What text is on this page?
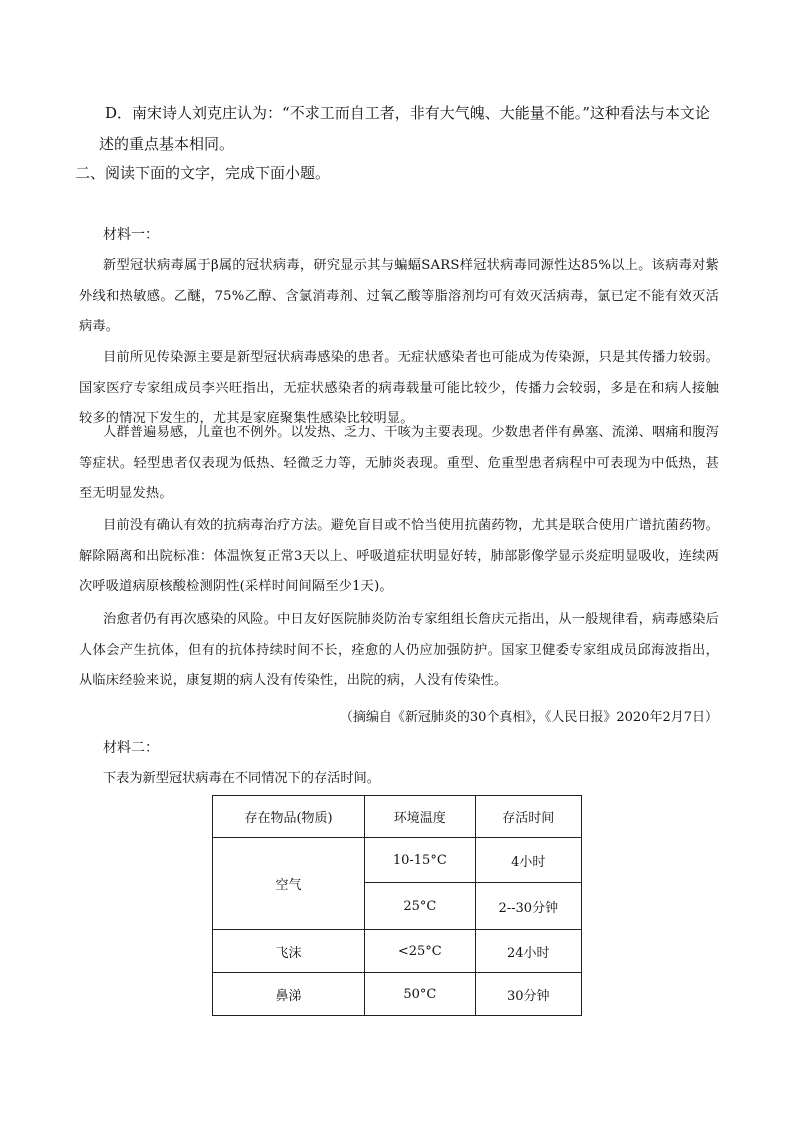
D．南宋诗人刘克庄认为：“不求工而自工者，非有大气魄、大能量不能。”这种看法与本文论述的重点基本相同。
二、阅读下面的文字，完成下面小题。
材料一：
新型冠状病毒属于β属的冠状病毒，研究显示其与蝙蝠SARS样冠状病毒同源性达85%以上。该病毒对紫外线和热敏感。乙醚，75%乙醇、含氯消毒剂、过氧乙酸等脂溶剂均可有效灭活病毒，氯已定不能有效灭活病毒。
目前所见传染源主要是新型冠状病毒感染的患者。无症状感染者也可能成为传染源，只是其传播力较弱。国家医疗专家组成员李兴旺指出，无症状感染者的病毒载量可能比较少，传播力会较弱，多是在和病人接触较多的情况下发生的，尤其是家庭聚集性感染比较明显。
人群普遍易感，儿童也不例外。以发热、乏力、干咳为主要表现。少数患者伴有鼻塞、流涕、咽痛和腹泻等症状。轻型患者仅表现为低热、轻微乏力等，无肺炎表现。重型、危重型患者病程中可表现为中低热，甚至无明显发热。
目前没有确认有效的抗病毒治疗方法。避免盲目或不恰当使用抗菌药物，尤其是联合使用广谱抗菌药物。解除隔离和出院标准：体温恢复正常3天以上、呼吸道症状明显好转，肺部影像学显示炎症明显吸收，连续两次呼吸道病原核酸检测阴性(采样时间间隔至少1天)。
治愈者仍有再次感染的风险。中日友好医院肺炎防治专家组组长詹庆元指出，从一般规律看，病毒感染后人体会产生抗体，但有的抗体持续时间不长，痊愈的人仍应加强防护。国家卫健委专家组成员邱海波指出，从临床经验来说，康复期的病人没有传染性，出院的病，人没有传染性。
（摘编自《新冠肺炎的30个真相》，《人民日报》2020年2月7日）
材料二：
下表为新型冠状病毒在不同情况下的存活时间。
存在物品(物质)	环境温度	存活时间
空气	10-15°C	4小时
	25°C	2--30分钟
飞沫	<25°C	24小时
鼻涕	50°C	30分钟
